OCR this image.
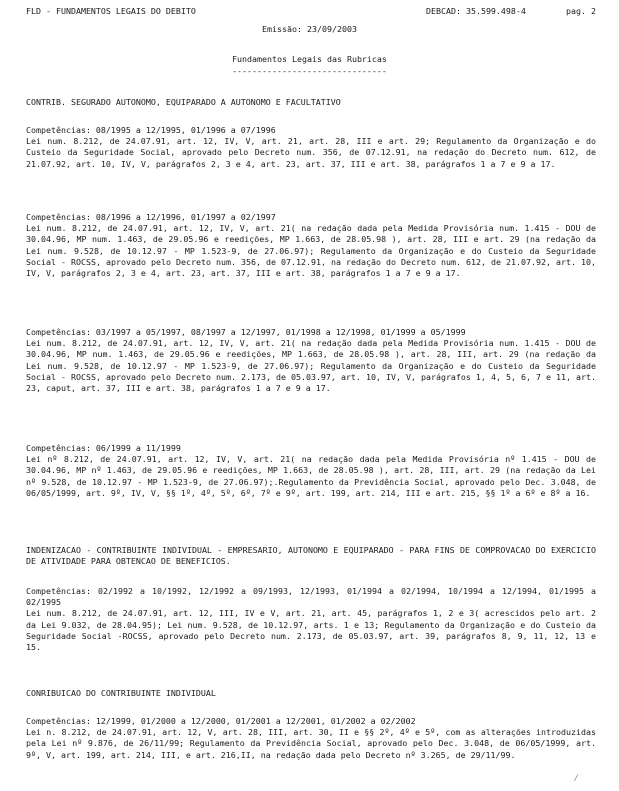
FLD - FUNDAMENTOS LEGAIS DO DEBITO	DEBCAD: 35.599.498-4	pag. 2
Emissão: 23/09/2003
Fundamentos Legais das Rubricas
-------------------------------
CONTRIB. SEGURADO AUTONOMO, EQUIPARADO A AUTONOMO E FACULTATIVO

Competências: 08/1995 a 12/1995, 01/1996 a 07/1996

Lei num. 8.212, de 24.07.91, art. 12, IV, V, art. 21, art. 28, III e art. 29; Regulamento da Organização e do Custeio da Seguridade Social, aprovado pelo Decreto num. 356, de 07.12.91, na redação do Decreto num. 612, de 21.07.92, art. 10, IV, V, parágrafos 2, 3 e 4, art. 23, art. 37, III e art. 38, parágrafos 1 a 7 e 9 a 17.

Competências: 08/1996 a 12/1996, 01/1997 a 02/1997

Lei num. 8.212, de 24.07.91, art. 12, IV, V, art. 21( na redação dada pela Medida Provisória num. 1.415 - DOU de 30.04.96, MP num. 1.463, de 29.05.96 e reedições, MP 1.663, de 28.05.98 ), art. 28, III e art. 29 (na redação da Lei num. 9.528, de 10.12.97 - MP 1.523-9, de 27.06.97); Regulamento da Organização e do Custeio da Seguridade Social - ROCSS, aprovado pelo Decreto num. 356, de 07.12.91, na redação do Decreto num. 612, de 21.07.92, art. 10, IV, V, parágrafos 2, 3 e 4, art. 23, art. 37, III e art. 38, parágrafos 1 a 7 e 9 a 17.

Competências: 03/1997 a 05/1997, 08/1997 a 12/1997, 01/1998 a 12/1998, 01/1999 a 05/1999

Lei num. 8.212, de 24.07.91, art. 12, IV, V, art. 21( na redação dada pela Medida Provisória num. 1.415 - DOU de 30.04.96, MP num. 1.463, de 29.05.96 e reedições, MP 1.663, de 28.05.98 ), art. 28, III, art. 29 (na redação da Lei num. 9.528, de 10.12.97 - MP 1.523-9, de 27.06.97); Regulamento da Organização e do Custeio da Seguridade Social - ROCSS, aprovado pelo Decreto num. 2.173, de 05.03.97, art. 10, IV, V, parágrafos 1, 4, 5, 6, 7 e 11, art. 23, caput, art. 37, III e art. 38, parágrafos 1 a 7 e 9 a 17.

Competências: 06/1999 a 11/1999

Lei nº 8.212, de 24.07.91, art. 12, IV, V, art. 21( na redação dada pela Medida Provisória nº 1.415 - DOU de 30.04.96, MP nº 1.463, de 29.05.96 e reedições, MP 1.663, de 28.05.98 ), art. 28, III, art. 29 (na redação da Lei nº 9.528, de 10.12.97 - MP 1.523-9, de 27.06.97);.Regulamento da Previdência Social, aprovado pelo Dec. 3.048, de 06/05/1999, art. 9º, IV, V, §§ 1º, 4º, 5º, 6º, 7º e 9º, art. 199, art. 214, III e art. 215, §§ 1º a 6º e 8º a 16.

INDENIZACAO - CONTRIBUINTE INDIVIDUAL - EMPRESARIO, AUTONOMO E EQUIPARADO - PARA FINS DE COMPROVACAO DO EXERCICIO DE ATIVIDADE PARA OBTENCAO DE BENEFICIOS.

Competências: 02/1992 a 10/1992, 12/1992 a 09/1993, 12/1993, 01/1994 a 02/1994, 10/1994 a 12/1994, 01/1995 a 02/1995

Lei num. 8.212, de 24.07.91, art. 12, III, IV e V, art. 21, art. 45, parágrafos 1, 2 e 3( acrescidos pelo art. 2 da Lei 9.032, de 28.04.95); Lei num. 9.528, de 10.12.97, arts. 1 e 13; Regulamento da Organização e do Custeio da Seguridade Social -ROCSS, aprovado pelo Decreto num. 2.173, de 05.03.97, art. 39, parágrafos 8, 9, 11, 12, 13 e 15.

CONRIBUICAO DO CONTRIBUINTE INDIVIDUAL

Competências: 12/1999, 01/2000 a 12/2000, 01/2001 a 12/2001, 01/2002 a 02/2002

Lei n. 8.212, de 24.07.91, art. 12, V, art. 28, III, art. 30, II e §§ 2º, 4º e 5º, com as alterações introduzidas pela Lei nº 9.876, de 26/11/99; Regulamento da Previdência Social, aprovado pelo Dec. 3.048, de 06/05/1999, art. 9º, V, art. 199, art. 214, III, e art. 216,II, na redação dada pelo Decreto nº 3.265, de 29/11/99.

⁄
